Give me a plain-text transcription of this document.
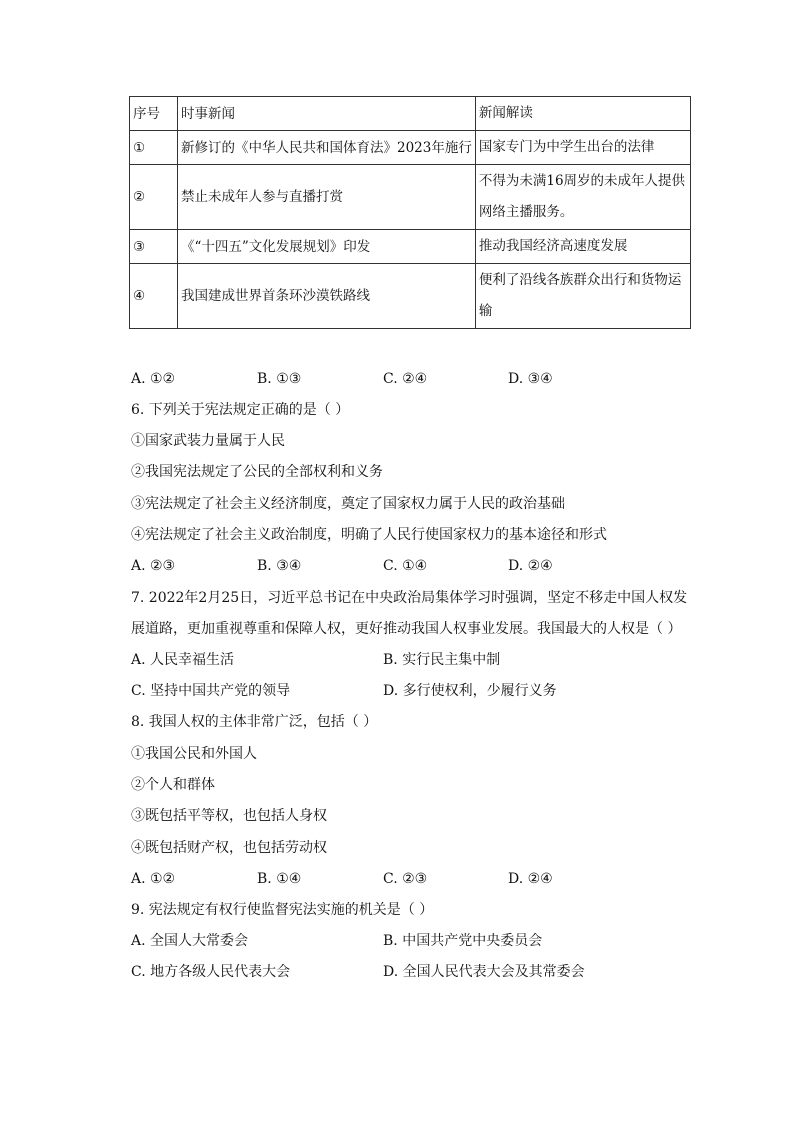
序号	时事新闻	新闻解读
①	新修订的《中华人民共和国体育法》2023年施行	国家专门为中学生出台的法律
②	禁止未成年人参与直播打赏	不得为未满16周岁的未成年人提供
网络主播服务。

③	《“十四五”文化发展规划》印发	推动我国经济高速度发展
④	我国建成世界首条环沙漠铁路线	便利了沿线各族群众出行和货物运
输
A. ①②	B. ①③	C. ②④	D. ③④
6. 下列关于宪法规定正确的是（ ）
①国家武装力量属于人民
②我国宪法规定了公民的全部权利和义务
③宪法规定了社会主义经济制度，奠定了国家权力属于人民的政治基础
④宪法规定了社会主义政治制度，明确了人民行使国家权力的基本途径和形式
A. ②③	B. ③④	C. ①④	D. ②④
7. 2022年2月25日，习近平总书记在中央政治局集体学习时强调，坚定不移走中国人权发
展道路，更加重视尊重和保障人权，更好推动我国人权事业发展。我国最大的人权是（ ）
A. 人民幸福生活	B. 实行民主集中制
C. 坚持中国共产党的领导	D. 多行使权利，少履行义务
8. 我国人权的主体非常广泛，包括（ ）
①我国公民和外国人
②个人和群体
③既包括平等权，也包括人身权
④既包括财产权，也包括劳动权
A. ①②	B. ①④	C. ②③	D. ②④
9. 宪法规定有权行使监督宪法实施的机关是（ ）
A. 全国人大常委会	B. 中国共产党中央委员会
C. 地方各级人民代表大会	D. 全国人民代表大会及其常委会
